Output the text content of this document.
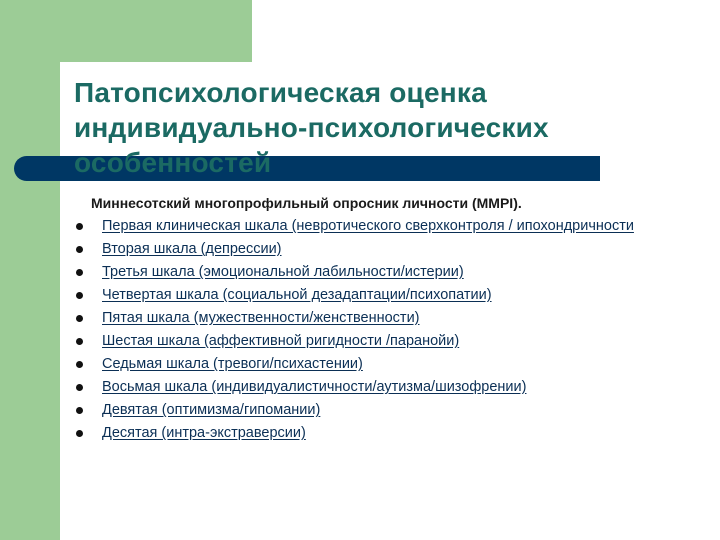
Патопсихологическая оценка индивидуально-психологических особенностей
Миннесотский многопрофильный опросник личности (MMPI).
Первая клиническая шкала (невротического сверхконтроля / ипохондричности
Вторая шкала (депрессии)
Третья шкала (эмоциональной лабильности/истерии)
Четвертая шкала (социальной дезадаптации/психопатии)
Пятая шкала (мужественности/женственности)
Шестая шкала (аффективной ригидности /паранойи)
Седьмая шкала (тревоги/психастении)
Восьмая шкала (индивидуалистичности/аутизма/шизофрении)
Девятая (оптимизма/гипомании)
Десятая (интра-экстраверсии)
